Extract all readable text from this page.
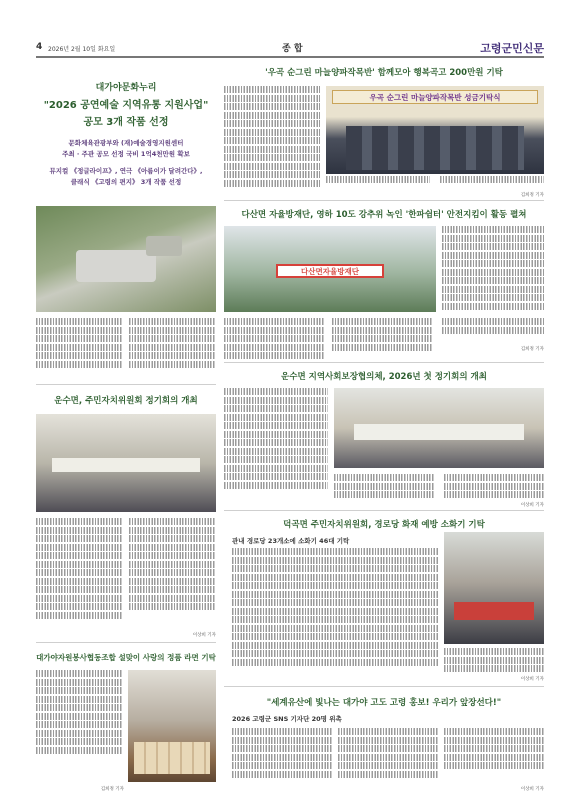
4 2026년 2월 10일 화요일	종 합	고령군민신문
대가야문화누리
"2026 공연예술 지역유통 지원사업"
공모 3개 작품 선정
문화체육관광부와 (재)예술경영지원센터
주최 · 주관 공모 선정 국비 1억4천만원 확보
뮤지컬 《정글라이프》, 연극 《아름이가 달려간다》,
클래식 《고령의 편지》 3개 작품 선정
'우곡 순그린 마늘양파작목반' 함께모아 행복곡고 200만원 기탁
우곡 순그린 마늘양파작목반 성금기탁식
김희정 기자
다산면 자율방재단, 영하 10도 강추위 녹인 '한파쉼터' 안전지킴이 활동 펼쳐
다산면자율방재단
김희정 기자
운수면 지역사회보장협의체, 2026년 첫 정기회의 개최
이상희 기자
운수면, 주민자치위원회 정기회의 개최
이상희 기자
덕곡면 주민자치위원회, 경로당 화재 예방 소화기 기탁
관내 경로당 23개소에 소화기 46대 기탁
이상희 기자
대가야자원봉사협동조합 설맞이 사랑의 정품 라면 기탁
김희정 기자
"세계유산에 빛나는 대가야 고도 고령 홍보! 우리가 앞장선다!"
2026 고령군 SNS 기자단 20명 위촉
이상희 기자
